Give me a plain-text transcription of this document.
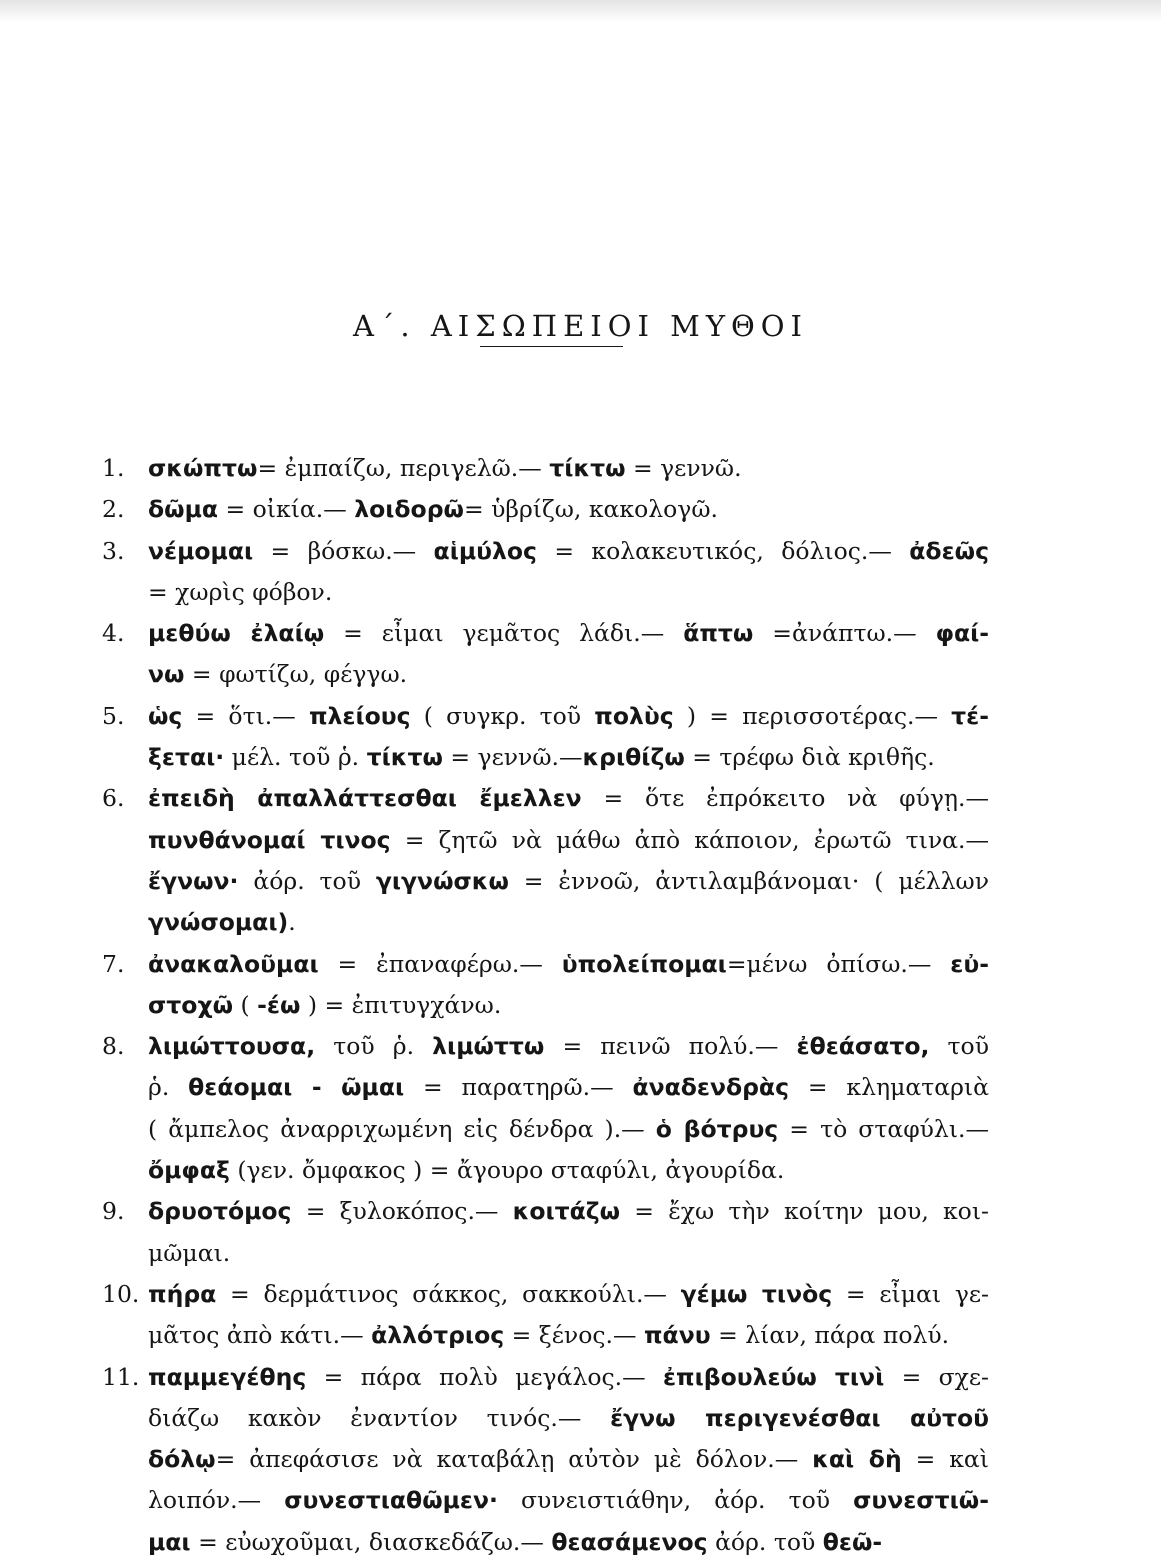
Α΄. ΑΙΣΩΠΕΙΟΙ ΜΥΘΟΙ
1.	σκώπτω= ἐμπαίζω, περιγελῶ.— τίκτω = γεννῶ.
2.	δῶμα = οἰκία.— λοιδορῶ= ὑβρίζω, κακολογῶ.
3.	νέμομαι = βόσκω.— αἱμύλος = κολακευτικός, δόλιος.— ἀδεῶς
= χωρὶς φόβον.
4.	μεθύω ἐλαίῳ = εἶμαι γεμᾶτος λάδι.— ἅπτω =ἀνάπτω.— φαί-
νω = φωτίζω, φέγγω.
5.	ὡς = ὅτι.— πλείους ( συγκρ. τοῦ πολὺς ) = περισσοτέρας.— τέ-
ξεται· μέλ. τοῦ ῥ. τίκτω = γεννῶ.—κριθίζω = τρέφω διὰ κριθῆς.
6.	ἐπειδὴ ἀπαλλάττεσθαι ἔμελλεν = ὅτε ἐπρόκειτο νὰ φύγῃ.—
πυνθάνομαί τινος = ζητῶ νὰ μάθω ἀπὸ κάποιον, ἐρωτῶ τινα.—
ἔγνων· ἀόρ. τοῦ γιγνώσκω = ἐννοῶ, ἀντιλαμβάνομαι· ( μέλλων
γνώσομαι).
7.	ἀνακαλοῦμαι = ἐπαναφέρω.— ὑπολείπομαι=μένω ὀπίσω.— εὐ-
στοχῶ ( -έω ) = ἐπιτυγχάνω.
8.	λιμώττουσα, τοῦ ῥ. λιμώττω = πεινῶ πολύ.— ἐθεάσατο, τοῦ
ῥ. θεάομαι - ῶμαι = παρατηρῶ.— ἀναδενδρὰς = κληματαριὰ
( ἄμπελος ἀναρριχωμένη εἰς δένδρα ).— ὁ βότρυς = τὸ σταφύλι.—
ὄμφαξ (γεν. ὄμφακος ) = ἄγουρο σταφύλι, ἀγουρίδα.
9.	δρυοτόμος = ξυλοκόπος.— κοιτάζω = ἔχω τὴν κοίτην μου, κοι-
μῶμαι.
10. πήρα = δερμάτινος σάκκος, σακκούλι.— γέμω τινὸς = εἶμαι γε-
μᾶτος ἀπὸ κάτι.— ἀλλότριος = ξένος.— πάνυ = λίαν, πάρα πολύ.
11. παμμεγέθης = πάρα πολὺ μεγάλος.— ἐπιβουλεύω τινὶ = σχε-
διάζω κακὸν ἐναντίον τινός.— ἔγνω περιγενέσθαι αὐτοῦ
δόλῳ= ἀπεφάσισε νὰ καταβάλῃ αὐτὸν μὲ δόλον.— καὶ δὴ = καὶ
λοιπόν.— συνεστιαθῶμεν· συνειστιάθην, ἀόρ. τοῦ συνεστιῶ-
μαι = εὐωχοῦμαι, διασκεδάζω.— θεασάμενος ἀόρ. τοῦ θεῶ-
